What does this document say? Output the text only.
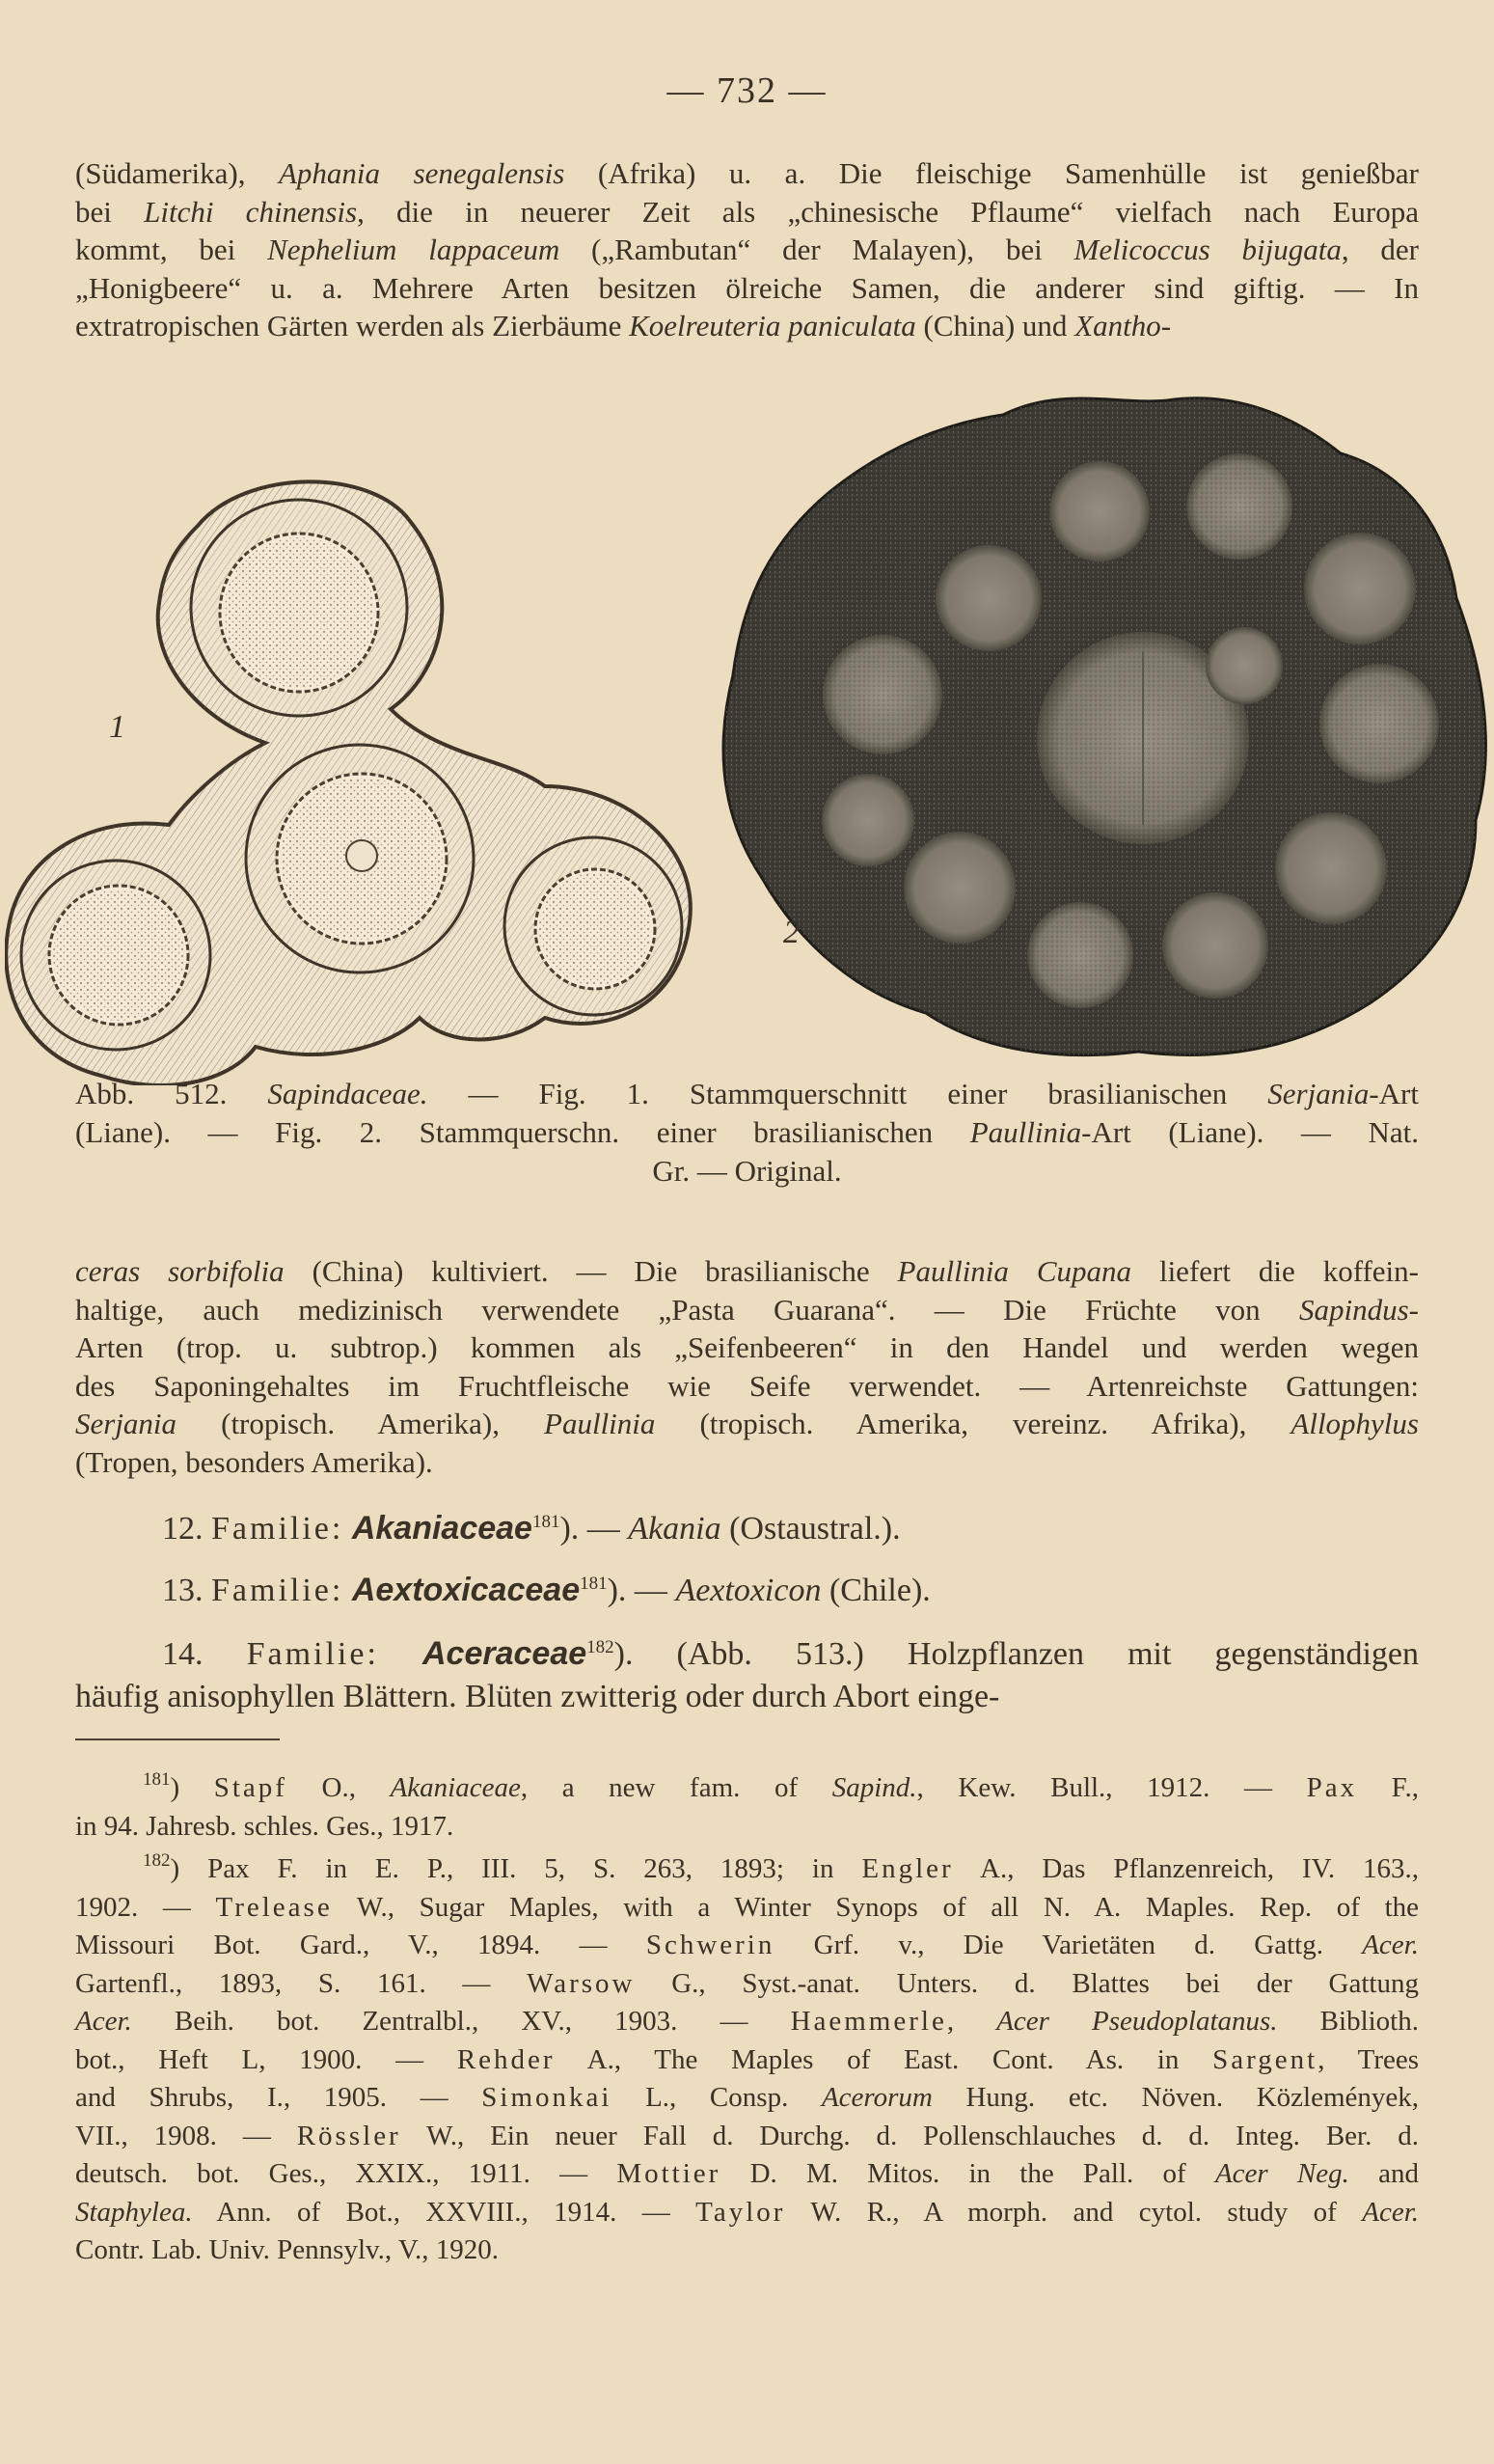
— 732 —
(Südamerika), Aphania senegalensis (Afrika) u. a. Die fleischige Samenhülle ist genießbar
bei Litchi chinensis, die in neuerer Zeit als „chinesische Pflaume“ vielfach nach Europa
kommt, bei Nephelium lappaceum („Rambutan“ der Malayen), bei Melicoccus bijugata, der
„Honigbeere“ u. a. Mehrere Arten besitzen ölreiche Samen, die anderer sind giftig. — In
extratropischen Gärten werden als Zierbäume Koelreuteria paniculata (China) und Xantho-
1
2
Abb. 512. Sapindaceae. — Fig. 1. Stammquerschnitt einer brasilianischen Serjania-Art
(Liane). — Fig. 2. Stammquerschn. einer brasilianischen Paullinia-Art (Liane). — Nat.
Gr. — Original.
ceras sorbifolia (China) kultiviert. — Die brasilianische Paullinia Cupana liefert die koffein-
haltige, auch medizinisch verwendete „Pasta Guarana“. — Die Früchte von Sapindus-
Arten (trop. u. subtrop.) kommen als „Seifenbeeren“ in den Handel und werden wegen
des Saponingehaltes im Fruchtfleische wie Seife verwendet. — Artenreichste Gattungen:
Serjania (tropisch. Amerika), Paullinia (tropisch. Amerika, vereinz. Afrika), Allophylus
(Tropen, besonders Amerika).
12. Familie: Akaniaceae$^{181}$). — Akania (Ostaustral.).
13. Familie: Aextoxicaceae$^{181}$). — Aextoxicon (Chile).
14. Familie: Aceraceae$^{182}$). (Abb. 513.) Holzpflanzen mit gegenständigen
häufig anisophyllen Blättern. Blüten zwitterig oder durch Abort einge-
$^{181}$) Stapf O., Akaniaceae, a new fam. of Sapind., Kew. Bull., 1912. — Pax F.,
in 94. Jahresb. schles. Ges., 1917.
$^{182}$) Pax F. in E. P., III. 5, S. 263, 1893; in Engler A., Das Pflanzenreich, IV. 163.,
1902. — Trelease W., Sugar Maples, with a Winter Synops of all N. A. Maples. Rep. of the
Missouri Bot. Gard., V., 1894. — Schwerin Grf. v., Die Varietäten d. Gattg. Acer.
Gartenfl., 1893, S. 161. — Warsow G., Syst.-anat. Unters. d. Blattes bei der Gattung
Acer. Beih. bot. Zentralbl., XV., 1903. — Haemmerle, Acer Pseudoplatanus. Biblioth.
bot., Heft L, 1900. — Rehder A., The Maples of East. Cont. As. in Sargent, Trees
and Shrubs, I., 1905. — Simonkai L., Consp. Acerorum Hung. etc. Növen. Közlemények,
VII., 1908. — Rössler W., Ein neuer Fall d. Durchg. d. Pollenschlauches d. d. Integ. Ber. d.
deutsch. bot. Ges., XXIX., 1911. — Mottier D. M. Mitos. in the Pall. of Acer Neg. and
Staphylea. Ann. of Bot., XXVIII., 1914. — Taylor W. R., A morph. and cytol. study of Acer.
Contr. Lab. Univ. Pennsylv., V., 1920.
